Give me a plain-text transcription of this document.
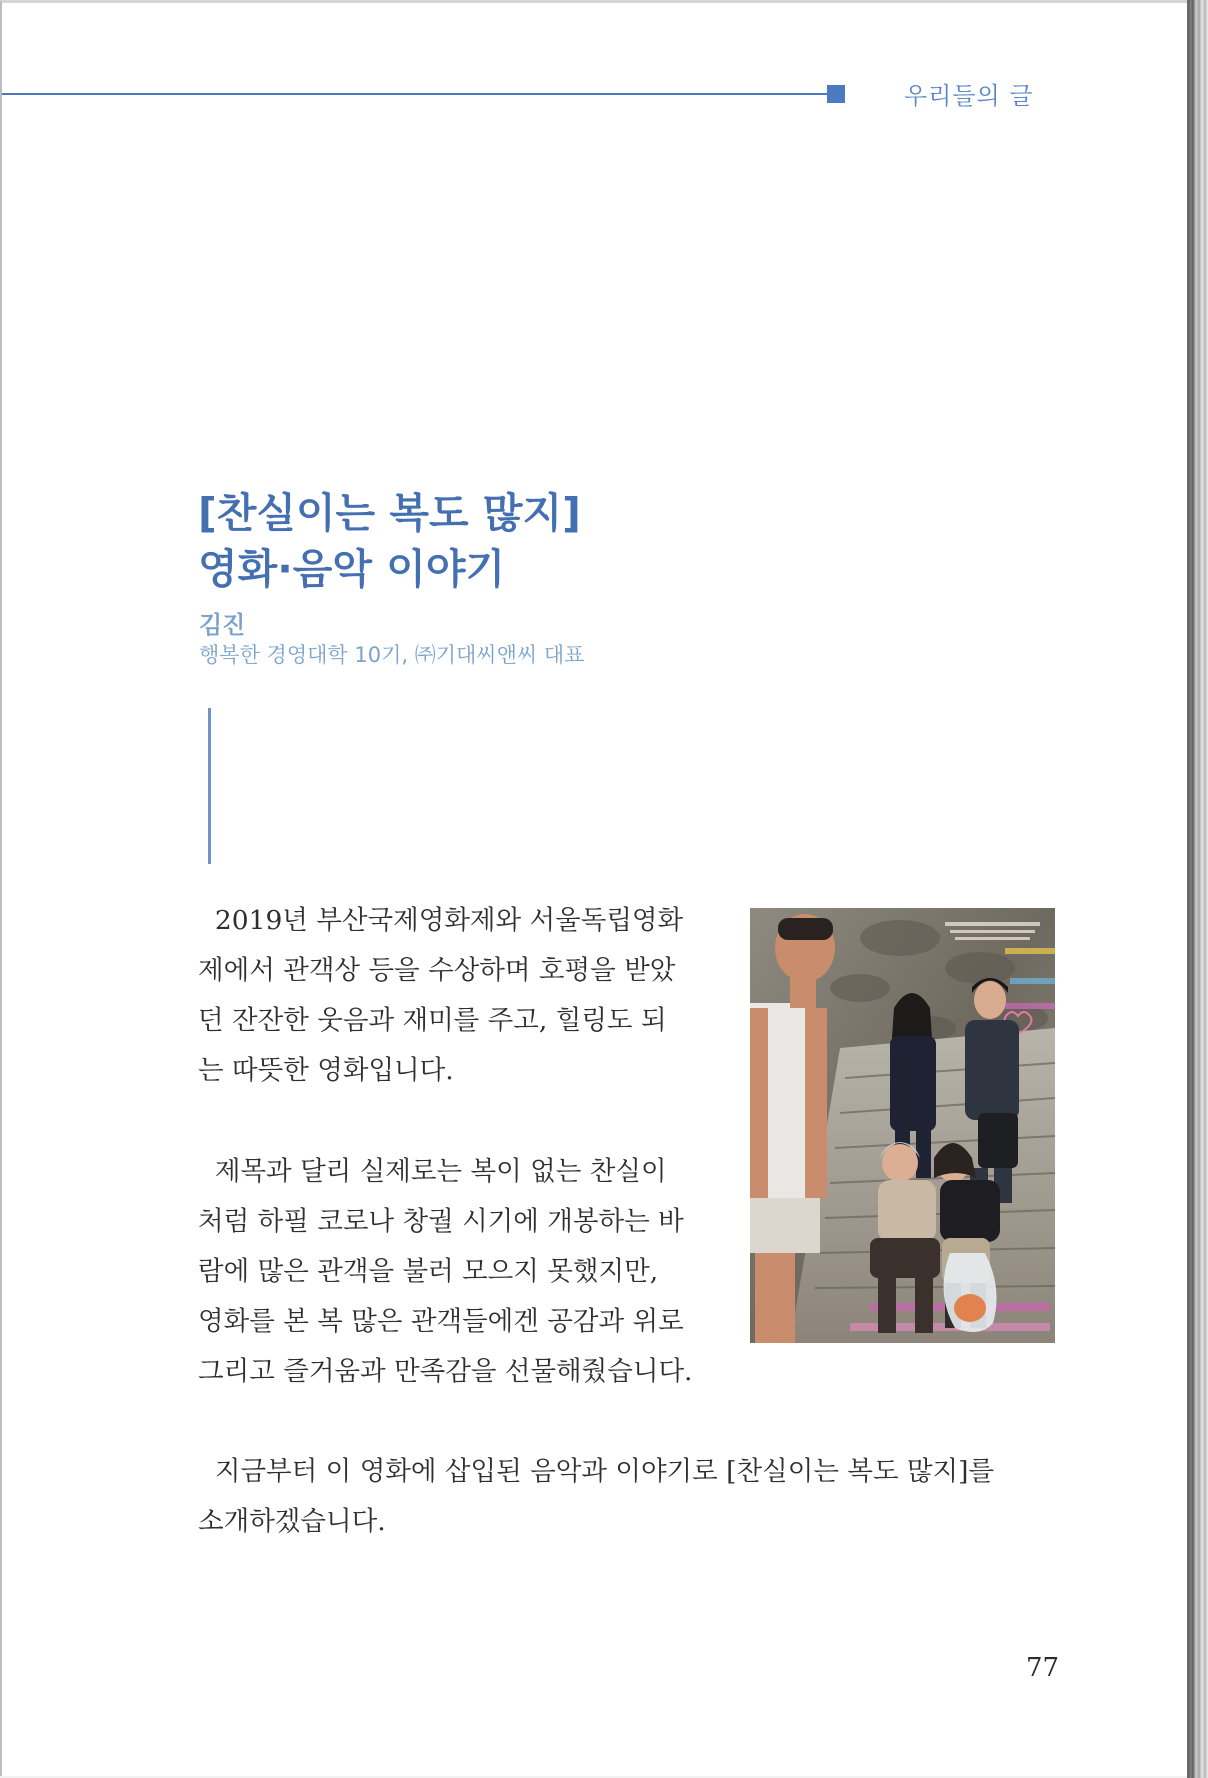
우리들의 글
[찬실이는 복도 많지]
영화·음악 이야기
김진
행복한 경영대학 10기, ㈜기대씨앤씨 대표
2019년 부산국제영화제와 서울독립영화
제에서 관객상 등을 수상하며 호평을 받았
던 잔잔한 웃음과 재미를 주고, 힐링도 되
는 따뜻한 영화입니다.
제목과 달리 실제로는 복이 없는 찬실이
처럼 하필 코로나 창궐 시기에 개봉하는 바
람에 많은 관객을 불러 모으지 못했지만,
영화를 본 복 많은 관객들에겐 공감과 위로
그리고 즐거움과 만족감을 선물해줬습니다.
지금부터 이 영화에 삽입된 음악과 이야기로 [찬실이는 복도 많지]를
소개하겠습니다.
77
